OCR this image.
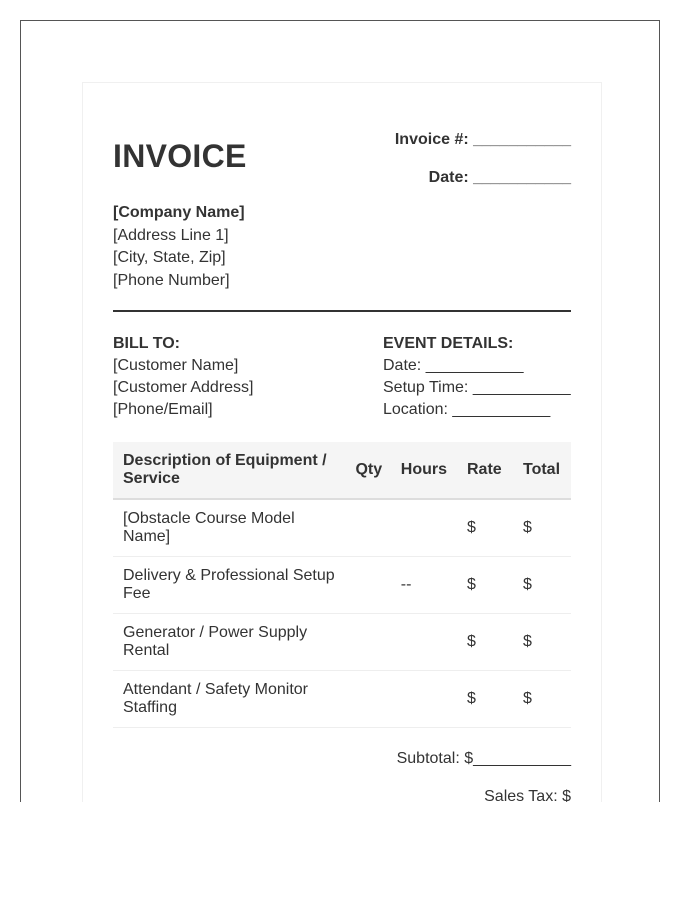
INVOICE	Invoice #: ___________
Date: ___________
[Company Name]
[Address Line 1]
[City, State, Zip]
[Phone Number]
BILL TO:
[Customer Name]
[Customer Address]
[Phone/Email]
EVENT DETAILS:
Date: ___________
Setup Time: ___________
Location: ___________
Description of Equipment / Service	Qty	Hours	Rate	Total
[Obstacle Course Model Name]			$	$
Delivery & Professional Setup Fee		--	$	$
Generator / Power Supply Rental			$	$
Attendant / Safety Monitor Staffing			$	$
Subtotal: $___________
Sales Tax: $
